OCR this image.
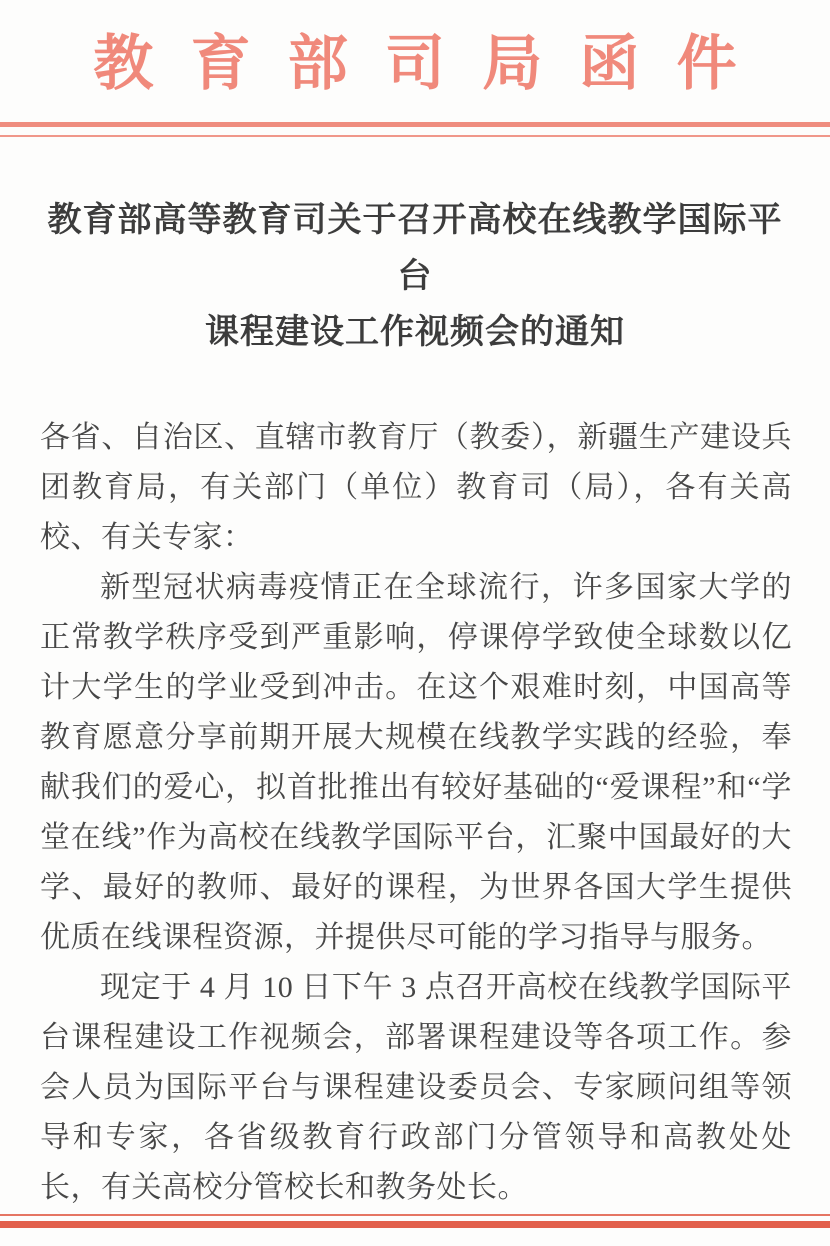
教育部司局函件
教育部高等教育司关于召开高校在线教学国际平台
课程建设工作视频会的通知

各省、自治区、直辖市教育厅（教委），新疆生产建设兵团教育局，有关部门（单位）教育司（局），各有关高校、有关专家：

新型冠状病毒疫情正在全球流行，许多国家大学的正常教学秩序受到严重影响，停课停学致使全球数以亿计大学生的学业受到冲击。在这个艰难时刻，中国高等教育愿意分享前期开展大规模在线教学实践的经验，奉献我们的爱心，拟首批推出有较好基础的“爱课程”和“学堂在线”作为高校在线教学国际平台，汇聚中国最好的大学、最好的教师、最好的课程，为世界各国大学生提供优质在线课程资源，并提供尽可能的学习指导与服务。

现定于 4 月 10 日下午 3 点召开高校在线教学国际平台课程建设工作视频会，部署课程建设等各项工作。参会人员为国际平台与课程建设委员会、专家顾问组等领导和专家，各省级教育行政部门分管领导和高教处处长，有关高校分管校长和教务处长。
